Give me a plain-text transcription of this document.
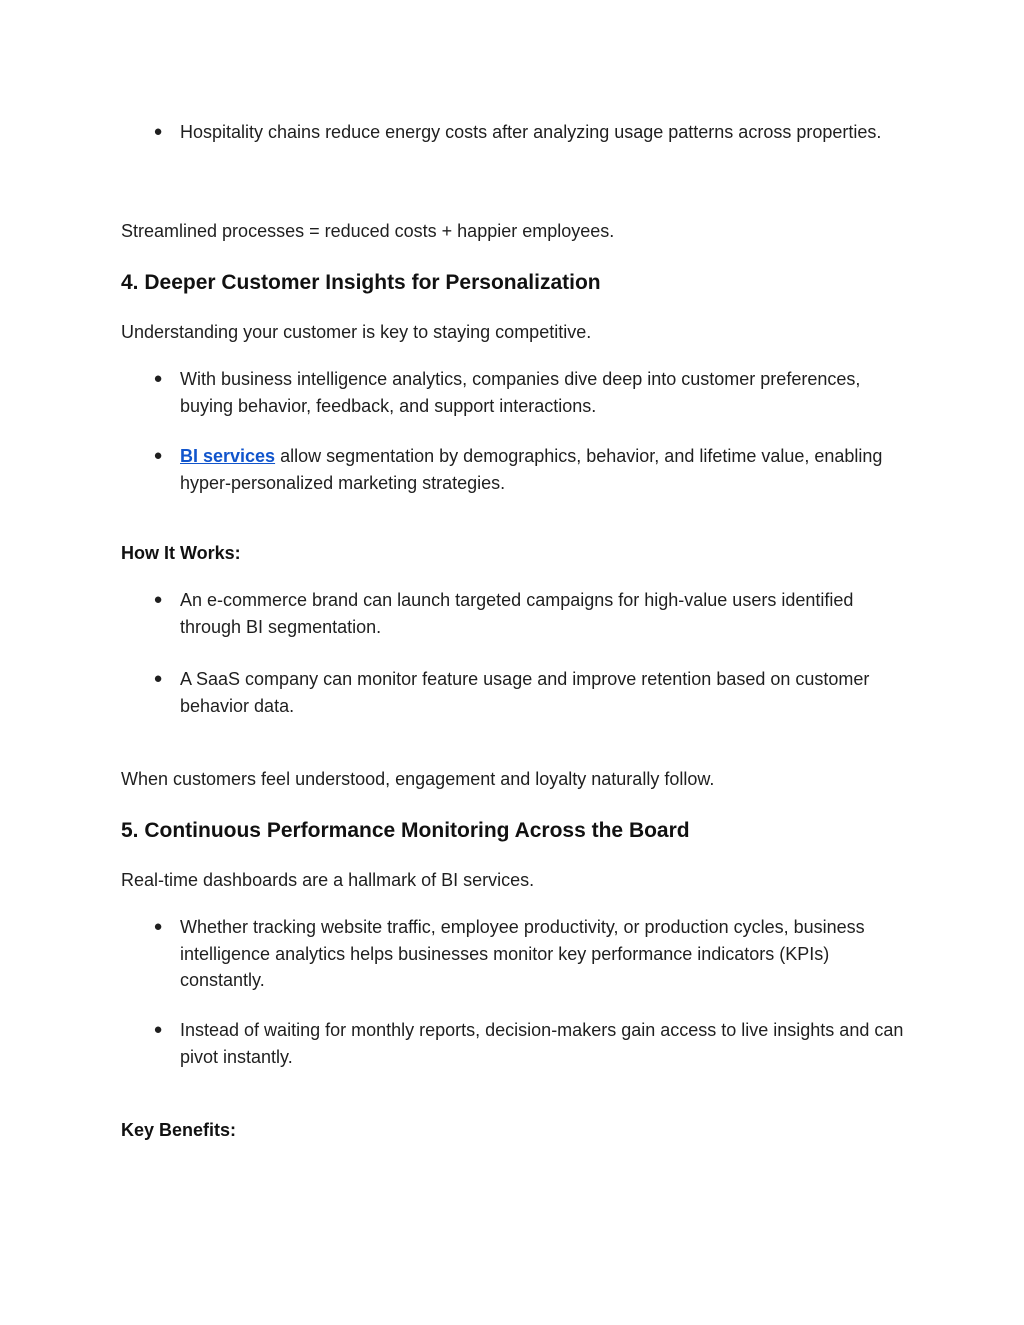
● Hospitality chains reduce energy costs after analyzing usage patterns across properties.

Streamlined processes = reduced costs + happier employees.

4. Deeper Customer Insights for Personalization

Understanding your customer is key to staying competitive.

● With business intelligence analytics, companies dive deep into customer preferences, buying behavior, feedback, and support interactions.
● BI services allow segmentation by demographics, behavior, and lifetime value, enabling hyper-personalized marketing strategies.

How It Works:

● An e-commerce brand can launch targeted campaigns for high-value users identified through BI segmentation.
● A SaaS company can monitor feature usage and improve retention based on customer behavior data.

When customers feel understood, engagement and loyalty naturally follow.

5. Continuous Performance Monitoring Across the Board

Real-time dashboards are a hallmark of BI services.

● Whether tracking website traffic, employee productivity, or production cycles, business intelligence analytics helps businesses monitor key performance indicators (KPIs) constantly.
● Instead of waiting for monthly reports, decision-makers gain access to live insights and can pivot instantly.

Key Benefits:
